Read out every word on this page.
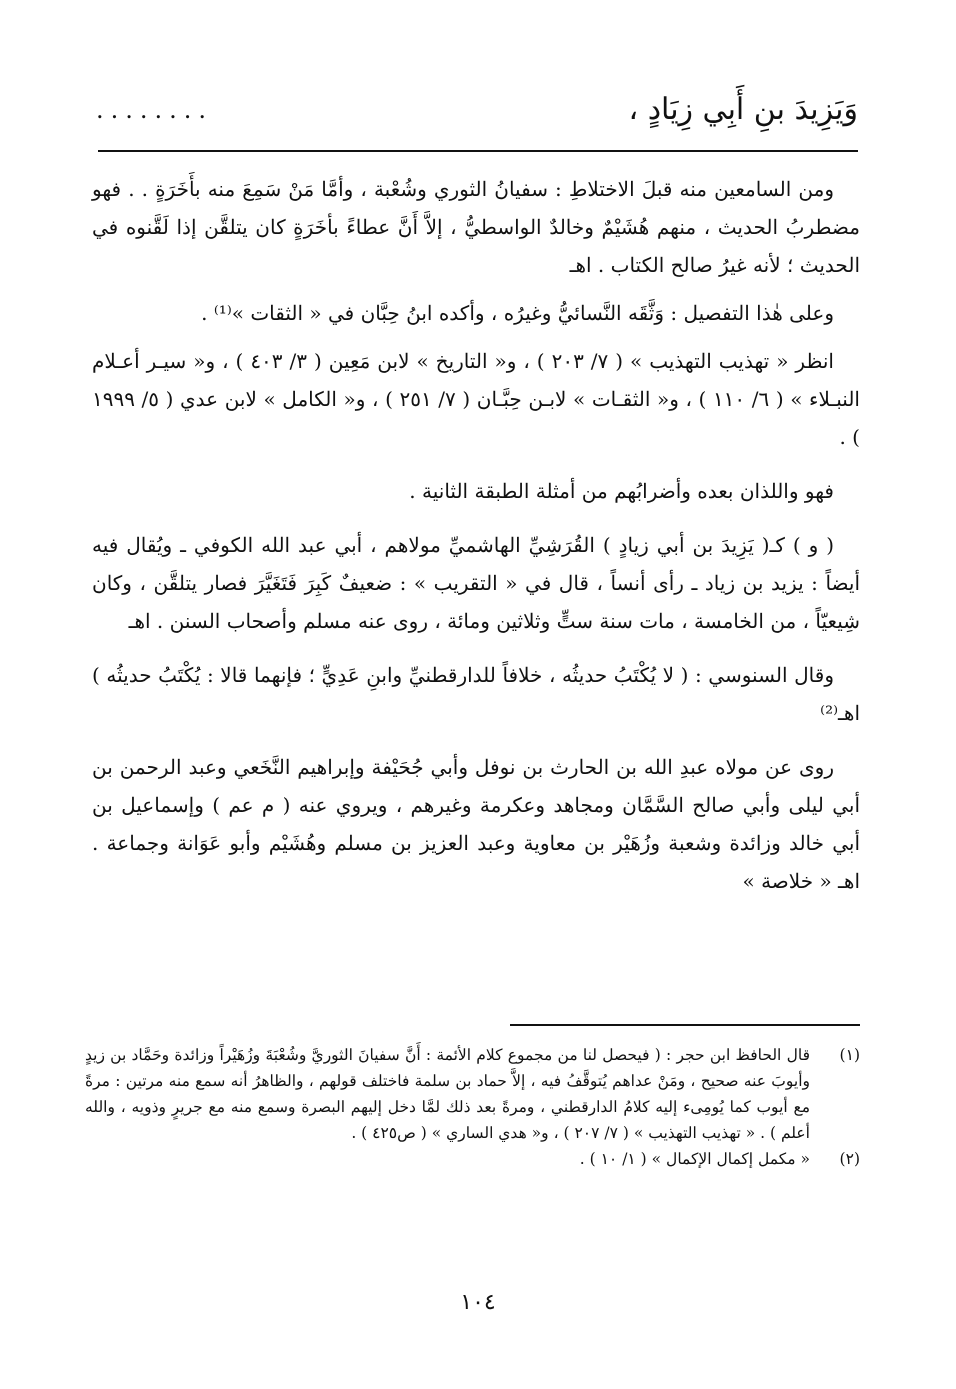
وَيَزِيدَ بنِ أَبِي زِيَادٍ ،
........

ومن السامعين منه قبلَ الاختلاطِ : سفيانُ الثوري وشُعْبة ، وأمَّا مَنْ سَمِعَ منه بأَخَرَةٍ . . فهو مضطربُ الحديث ، منهم هُشَيْمٌ وخالدٌ الواسطيُّ ، إلاَّ أَنَّ عطاءً بأخَرَةٍ كان يتلقَّن إذا لَقَّنوه في الحديث ؛ لأنه غيرُ صالح الكتاب . اهـ

وعلى هٰذا التفصيل : وَثَّقَه النَّسائيُّ وغيرُه ، وأكده ابنُ حِبَّان في « الثقات »⁽¹⁾ .

انظر « تهذيب التهذيب » ( ٧/ ٢٠٣ ) ، و« التاريخ » لابن مَعِين ( ٣/ ٤٠٣ ) ، و« سيـر أعـلام النبـلاء » ( ٦/ ١١٠ ) ، و« الثقـات » لابـن حِبَّـان ( ٧/ ٢٥١ ) ، و« الكامل » لابن عدي ( ٥/ ١٩٩٩ ) .

فهو واللذان بعده وأضرابُهم من أمثلة الطبقة الثانية .

( و ) كـ( يَزِيدَ بن أبي زيادٍ ) القُرَشِيِّ الهاشميِّ مولاهم ، أبي عبد الله الكوفي ـ ويُقال فيه أيضاً : يزيد بن زياد ـ رأى أنساً ، قال في « التقريب » : ضعيفٌ كَبِرَ فَتَغَيَّرَ فصار يتلقَّن ، وكان شِيعيّاً ، من الخامسة ، مات سنة ستٍّ وثلاثين ومائة ، روى عنه مسلم وأصحاب السنن . اهـ

وقال السنوسي : ( لا يُكْتَبُ حديثُه ، خلافاً للدارقطنيِّ وابنِ عَدِيٍّ ؛ فإنهما قالا : يُكْتَبُ حديثُه ) اهـ⁽²⁾

روى عن مولاه عبدِ الله بن الحارث بن نوفل وأبي جُحَيْفة وإبراهيم النَّخَعي وعبد الرحمن بن أبي ليلى وأبي صالح السَّمَّان ومجاهد وعكرمة وغيرهم ، ويروي عنه ( م عم ) وإسماعيل بن أبي خالد وزائدة وشعبة وزُهَيْر بن معاوية وعبد العزيز بن مسلم وهُشَيْم وأبو عَوَانة وجماعة . اهـ « خلاصة »

(١)
قال الحافظ ابن حجر : ( فيحصل لنا من مجموع كلام الأئمة : أَنَّ سفيانَ الثوريَّ وشُعْبَةَ وزُهَيْراً وزائدة وحَمَّاد بن زيدٍ وأيوبَ عنه صحيح ، ومَنْ عداهم يُتوقَّفُ فيه ، إلاَّ حماد بن سلمة فاختلف قولهم ، والظاهرُ أنه سمع منه مرتين : مرةً مع أيوب كما يُومِىء إليه كلامُ الدارقطني ، ومرةً بعد ذلك لمَّا دخل إليهم البصرة وسمع منه مع جريرٍ وذويه ، والله أعلم ) . « تهذيب التهذيب » ( ٧/ ٢٠٧ ) ، و« هدي الساري » ( ص٤٢٥ ) .
(٢)
« مكمل إكمال الإكمال » ( ١/ ١٠ ) .
١٠٤
